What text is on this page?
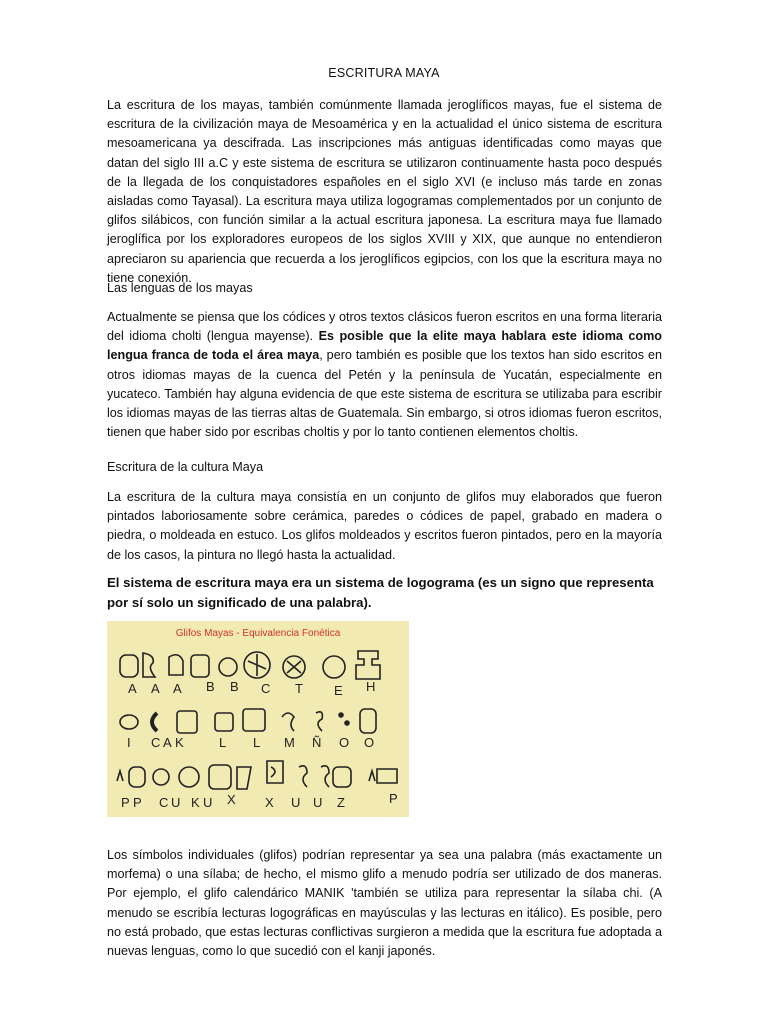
ESCRITURA MAYA

La escritura de los mayas, también comúnmente llamada jeroglíficos mayas, fue el sistema de escritura de la civilización maya de Mesoamérica y en la actualidad el único sistema de escritura mesoamericana ya descifrada. Las inscripciones más antiguas identificadas como mayas que datan del siglo III a.C y este sistema de escritura se utilizaron continuamente hasta poco después de la llegada de los conquistadores españoles en el siglo XVI (e incluso más tarde en zonas aisladas como Tayasal). La escritura maya utiliza logogramas complementados por un conjunto de glifos silábicos, con función similar a la actual escritura japonesa. La escritura maya fue llamado jeroglífica por los exploradores europeos de los siglos XVIII y XIX, que aunque no entendieron apreciaron su apariencia que recuerda a los jeroglíficos egipcios, con los que la escritura maya no tiene conexión.

Las lenguas de los mayas

Actualmente se piensa que los códices y otros textos clásicos fueron escritos en una forma literaria del idioma cholti (lengua mayense). Es posible que la elite maya hablara este idioma como lengua franca de toda el área maya, pero también es posible que los textos han sido escritos en otros idiomas mayas de la cuenca del Petén y la península de Yucatán, especialmente en yucateco. También hay alguna evidencia de que este sistema de escritura se utilizaba para escribir los idiomas mayas de las tierras altas de Guatemala. Sin embargo, si otros idiomas fueron escritos, tienen que haber sido por escribas choltis y por lo tanto contienen elementos choltis.

Escritura de la cultura Maya

La escritura de la cultura maya consistía en un conjunto de glifos muy elaborados que fueron pintados laboriosamente sobre cerámica, paredes o códices de papel, grabado en madera o piedra, o moldeada en estuco. Los glifos moldeados y escritos fueron pintados, pero en la mayoría de los casos, la pintura no llegó hasta la actualidad.

El sistema de escritura maya era un sistema de logograma (es un signo que representa por sí solo un significado de una palabra).

Glifos Mayas - Equivalencia Fonética
A A A B B C T E H
I C A K	L L M Ñ O O
P P C U K U X X U U Z	P

Los símbolos individuales (glifos) podrían representar ya sea una palabra (más exactamente un morfema) o una sílaba; de hecho, el mismo glifo a menudo podría ser utilizado de dos maneras. Por ejemplo, el glifo calendárico MANIK 'también se utiliza para representar la sílaba chi. (A menudo se escribía lecturas logográficas en mayúsculas y las lecturas en itálico). Es posible, pero no está probado, que estas lecturas conflictivas surgieron a medida que la escritura fue adoptada a nuevas lenguas, como lo que sucedió con el kanji japonés.
